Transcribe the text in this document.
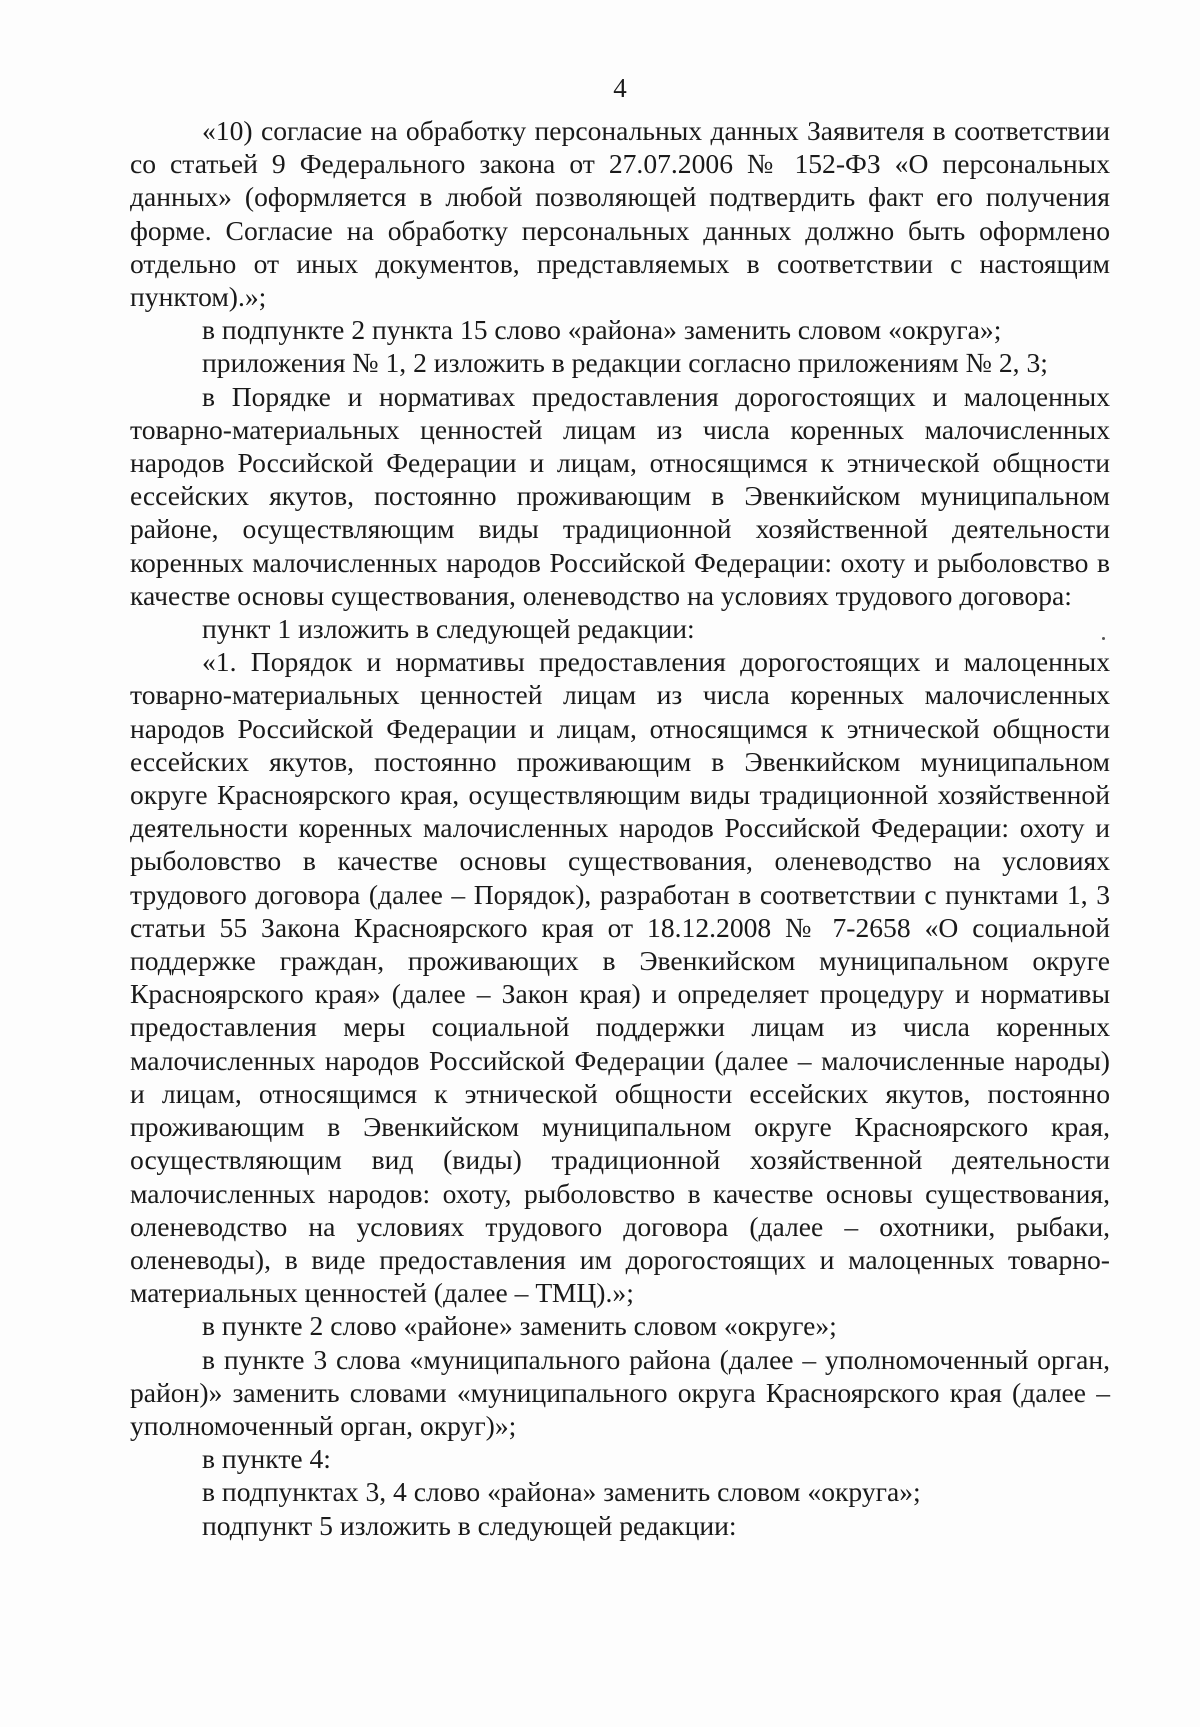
4

«10) согласие на обработку персональных данных Заявителя в соответствии со статьей 9 Федерального закона от 27.07.2006 № 152-ФЗ «О персональных данных» (оформляется в любой позволяющей подтвердить факт его получения форме. Согласие на обработку персональных данных должно быть оформлено отдельно от иных документов, представляемых в соответствии с настоящим пунктом).»;

в подпункте 2 пункта 15 слово «района» заменить словом «округа»;

приложения № 1, 2 изложить в редакции согласно приложениям № 2, 3;

в Порядке и нормативах предоставления дорогостоящих и малоценных товарно-материальных ценностей лицам из числа коренных малочисленных народов Российской Федерации и лицам, относящимся к этнической общности ессейских якутов, постоянно проживающим в Эвенкийском муниципальном районе, осуществляющим виды традиционной хозяйственной деятельности коренных малочисленных народов Российской Федерации: охоту и рыболовство в качестве основы существования, оленеводство на условиях трудового договора:

пункт 1 изложить в следующей редакции:

«1. Порядок и нормативы предоставления дорогостоящих и малоценных товарно-материальных ценностей лицам из числа коренных малочисленных народов Российской Федерации и лицам, относящимся к этнической общности ессейских якутов, постоянно проживающим в Эвенкийском муниципальном округе Красноярского края, осуществляющим виды традиционной хозяйственной деятельности коренных малочисленных народов Российской Федерации: охоту и рыболовство в качестве основы существования, оленеводство на условиях трудового договора (далее – Порядок), разработан в соответствии с пунктами 1, 3 статьи 55 Закона Красноярского края от 18.12.2008 № 7-2658 «О социальной поддержке граждан, проживающих в Эвенкийском муниципальном округе Красноярского края» (далее – Закон края) и определяет процедуру и нормативы предоставления меры социальной поддержки лицам из числа коренных малочисленных народов Российской Федерации (далее – малочисленные народы) и лицам, относящимся к этнической общности ессейских якутов, постоянно проживающим в Эвенкийском муниципальном округе Красноярского края, осуществляющим вид (виды) традиционной хозяйственной деятельности малочисленных народов: охоту, рыболовство в качестве основы существования, оленеводство на условиях трудового договора (далее – охотники, рыбаки, оленеводы), в виде предоставления им дорогостоящих и малоценных товарно-материальных ценностей (далее – ТМЦ).»;

в пункте 2 слово «районе» заменить словом «округе»;

в пункте 3 слова «муниципального района (далее – уполномоченный орган, район)» заменить словами «муниципального округа Красноярского края (далее – уполномоченный орган, округ)»;

в пункте 4:

в подпунктах 3, 4 слово «района» заменить словом «округа»;

подпункт 5 изложить в следующей редакции:
